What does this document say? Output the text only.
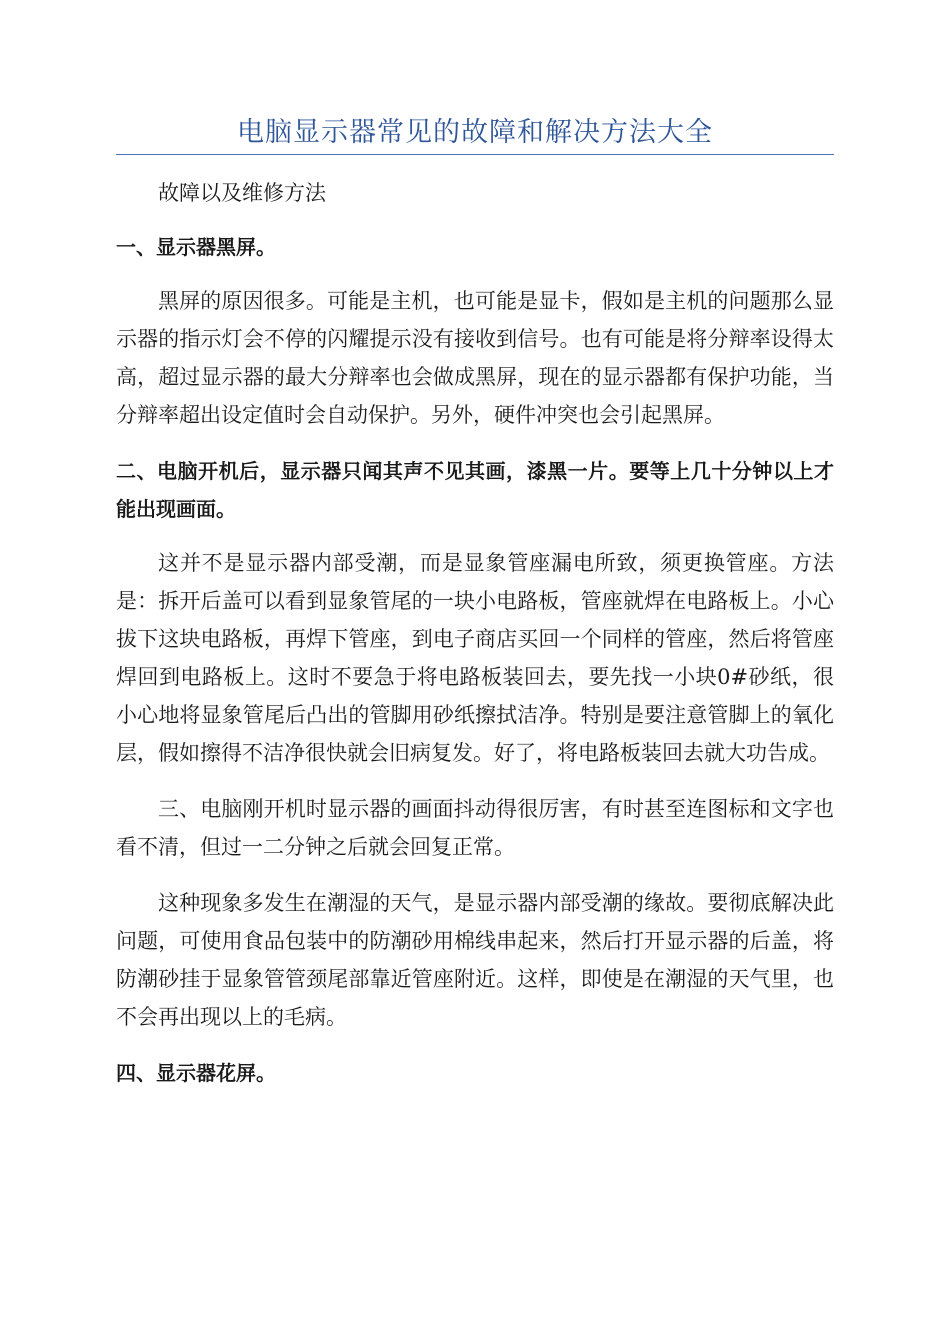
电脑显示器常见的故障和解决方法大全

故障以及维修方法

一、显示器黑屏。

黑屏的原因很多。可能是主机，也可能是显卡，假如是主机的问题那么显示器的指示灯会不停的闪耀提示没有接收到信号。也有可能是将分辩率设得太高，超过显示器的最大分辩率也会做成黑屏，现在的显示器都有保护功能，当分辩率超出设定值时会自动保护。另外，硬件冲突也会引起黑屏。

二、电脑开机后，显示器只闻其声不见其画，漆黑一片。要等上几十分钟以上才能出现画面。

这并不是显示器内部受潮，而是显象管座漏电所致，须更换管座。方法是：拆开后盖可以看到显象管尾的一块小电路板，管座就焊在电路板上。小心拔下这块电路板，再焊下管座，到电子商店买回一个同样的管座，然后将管座焊回到电路板上。这时不要急于将电路板装回去，要先找一小块0#砂纸，很小心地将显象管尾后凸出的管脚用砂纸擦拭洁净。特别是要注意管脚上的氧化层，假如擦得不洁净很快就会旧病复发。好了，将电路板装回去就大功告成。

三、电脑刚开机时显示器的画面抖动得很厉害，有时甚至连图标和文字也看不清，但过一二分钟之后就会回复正常。

这种现象多发生在潮湿的天气，是显示器内部受潮的缘故。要彻底解决此问题，可使用食品包装中的防潮砂用棉线串起来，然后打开显示器的后盖，将防潮砂挂于显象管管颈尾部靠近管座附近。这样，即使是在潮湿的天气里，也不会再出现以上的毛病。

四、显示器花屏。
